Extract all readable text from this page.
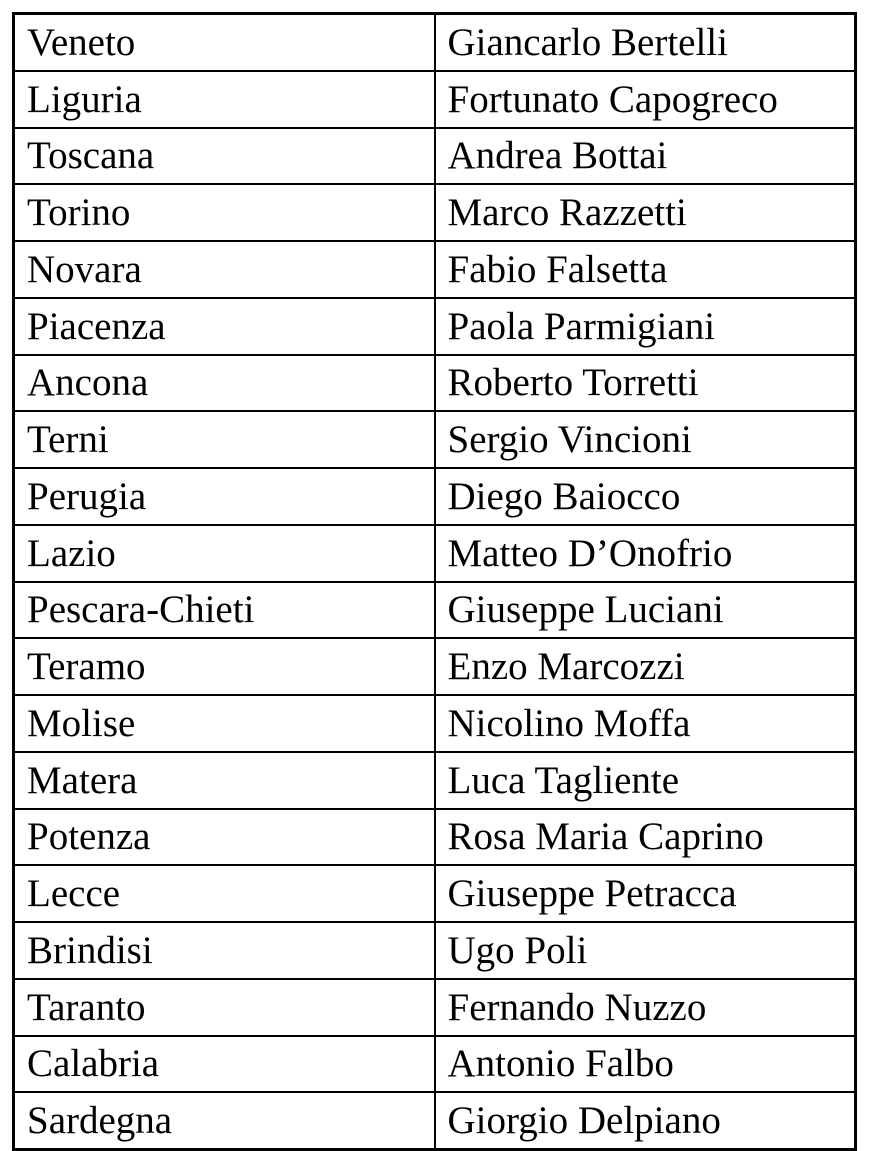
Veneto	Giancarlo Bertelli
Liguria	Fortunato Capogreco
Toscana	Andrea Bottai
Torino	Marco Razzetti
Novara	Fabio Falsetta
Piacenza	Paola Parmigiani
Ancona	Roberto Torretti
Terni	Sergio Vincioni
Perugia	Diego Baiocco
Lazio	Matteo D’Onofrio
Pescara-Chieti	Giuseppe Luciani
Teramo	Enzo Marcozzi
Molise	Nicolino Moffa
Matera	Luca Tagliente
Potenza	Rosa Maria Caprino
Lecce	Giuseppe Petracca
Brindisi	Ugo Poli
Taranto	Fernando Nuzzo
Calabria	Antonio Falbo
Sardegna	Giorgio Delpiano
